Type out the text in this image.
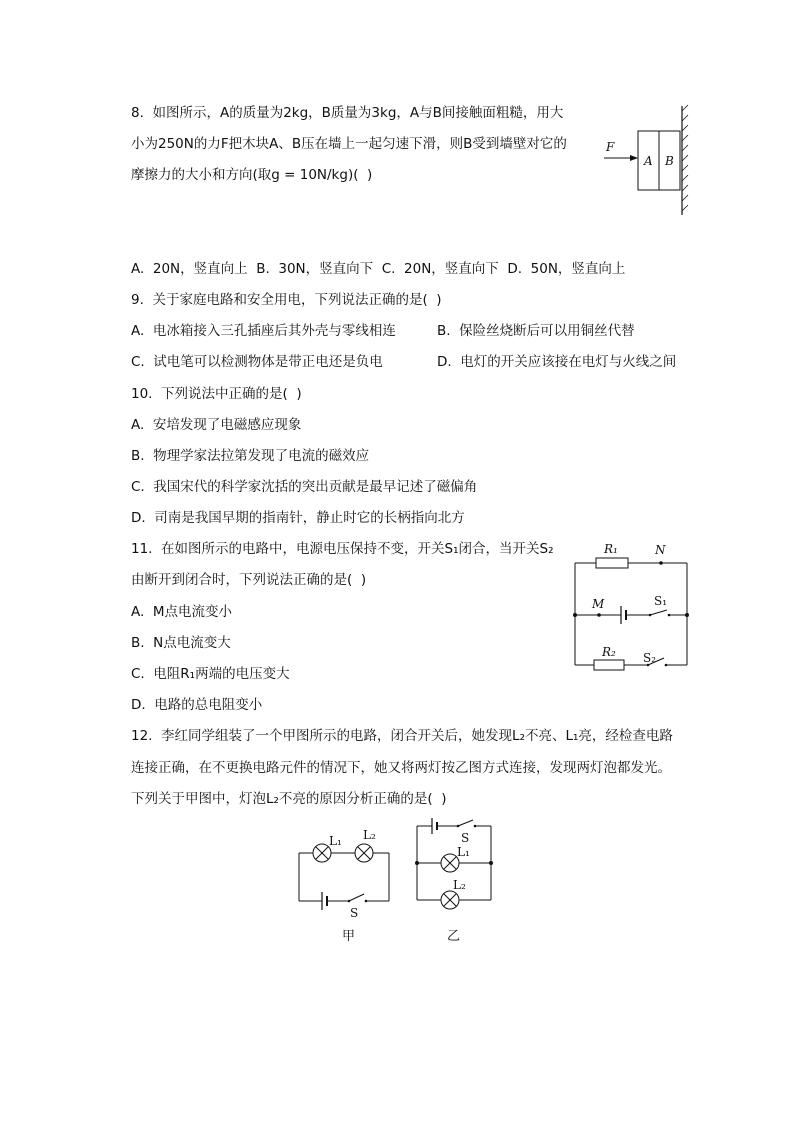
8.  如图所示，A的质量为2kg，B质量为3kg，A与B间接触面粗糙，用大
小为250N的力F把木块A、B压在墙上一起匀速下滑，则B受到墙壁对它的
摩擦力的大小和方向(取g = 10N/kg)(  )
F
A B
A.  20N，竖直向上  B.  30N，竖直向下  C.  20N，竖直向下  D.  50N，竖直向上
9.  关于家庭电路和安全用电，下列说法正确的是(  )
A.  电冰箱接入三孔插座后其外壳与零线相连	B.  保险丝烧断后可以用铜丝代替
C.  试电笔可以检测物体是带正电还是负电	D.  电灯的开关应该接在电灯与火线之间
10.  下列说法中正确的是(  )
A.  安培发现了电磁感应现象
B.  物理学家法拉第发现了电流的磁效应
C.  我国宋代的科学家沈括的突出贡献是最早记述了磁偏角
D.  司南是我国早期的指南针，静止时它的长柄指向北方
11.  在如图所示的电路中，电源电压保持不变，开关S₁闭合，当开关S₂
由断开到闭合时，下列说法正确的是(  )
A.  M点电流变小
B.  N点电流变大
C.  电阻R₁两端的电压变大
D.  电路的总电阻变小
R₁	N
M	S₁
R₂ S₂
12.  李红同学组装了一个甲图所示的电路，闭合开关后，她发现L₂不亮、L₁亮，经检查电路
连接正确，在不更换电路元件的情况下，她又将两灯按乙图方式连接，发现两灯泡都发光。
下列关于甲图中，灯泡L₂不亮的原因分析正确的是(  )
L₁ L₂
S
甲
S
L₁
L₂
乙
